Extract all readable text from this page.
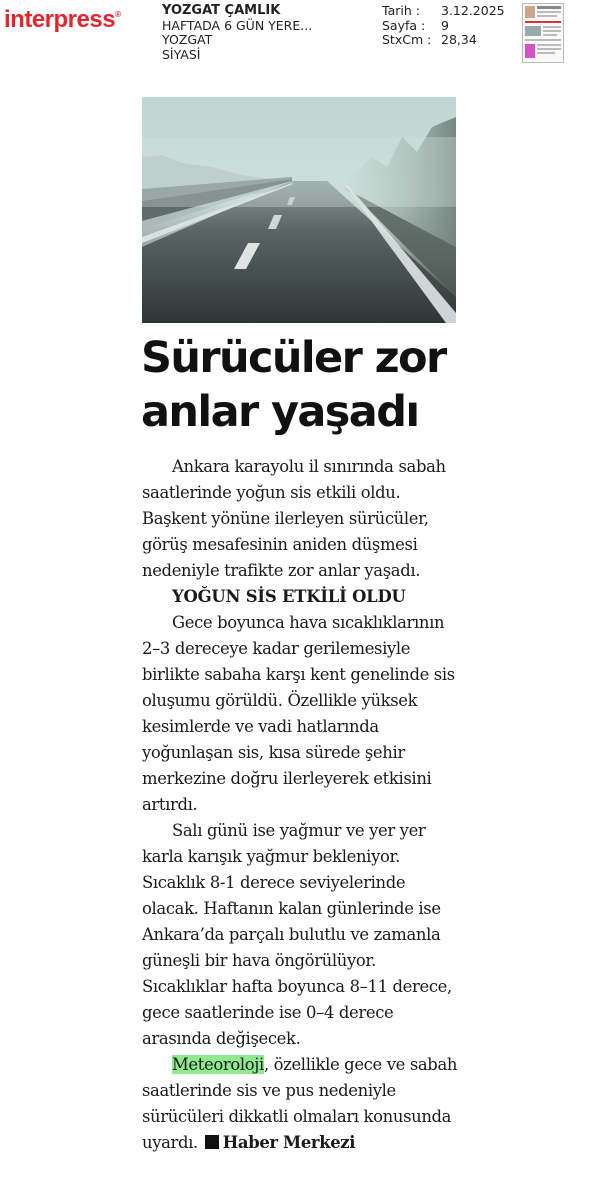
interpress®	YOZGAT ÇAMLIK
HAFTADA 6 GÜN YERE...
YOZGAT
SİYASİ
Tarih :	3.12.2025
Sayfa :	9
StxCm : 28,34
Sürücüler zor
anlar yaşadı

Ankara karayolu il sınırında sabah saatlerinde yoğun sis etkili oldu. Başkent yönüne ilerleyen sürücüler, görüş mesafesinin aniden düşmesi nedeniyle trafikte zor anlar yaşadı.

YOĞUN SİS ETKİLİ OLDU

Gece boyunca hava sıcaklıklarının 2–3 dereceye kadar gerilemesiyle birlikte sabaha karşı kent genelinde sis oluşumu görüldü. Özellikle yüksek kesimlerde ve vadi hatlarında yoğunlaşan sis, kısa sürede şehir merkezine doğru ilerleyerek etkisini artırdı.

Salı günü ise yağmur ve yer yer karla karışık yağmur bekleniyor. Sıcaklık 8-1 derece seviyelerinde olacak. Haftanın kalan günlerinde ise Ankara’da parçalı bulutlu ve zamanla güneşli bir hava öngörülüyor. Sıcaklıklar hafta boyunca 8–11 derece, gece saatlerinde ise 0–4 derece arasında değişecek.

Meteoroloji, özellikle gece ve sabah saatlerinde sis ve pus nedeniyle sürücüleri dikkatli olmaları konusunda uyardı. Haber Merkezi
